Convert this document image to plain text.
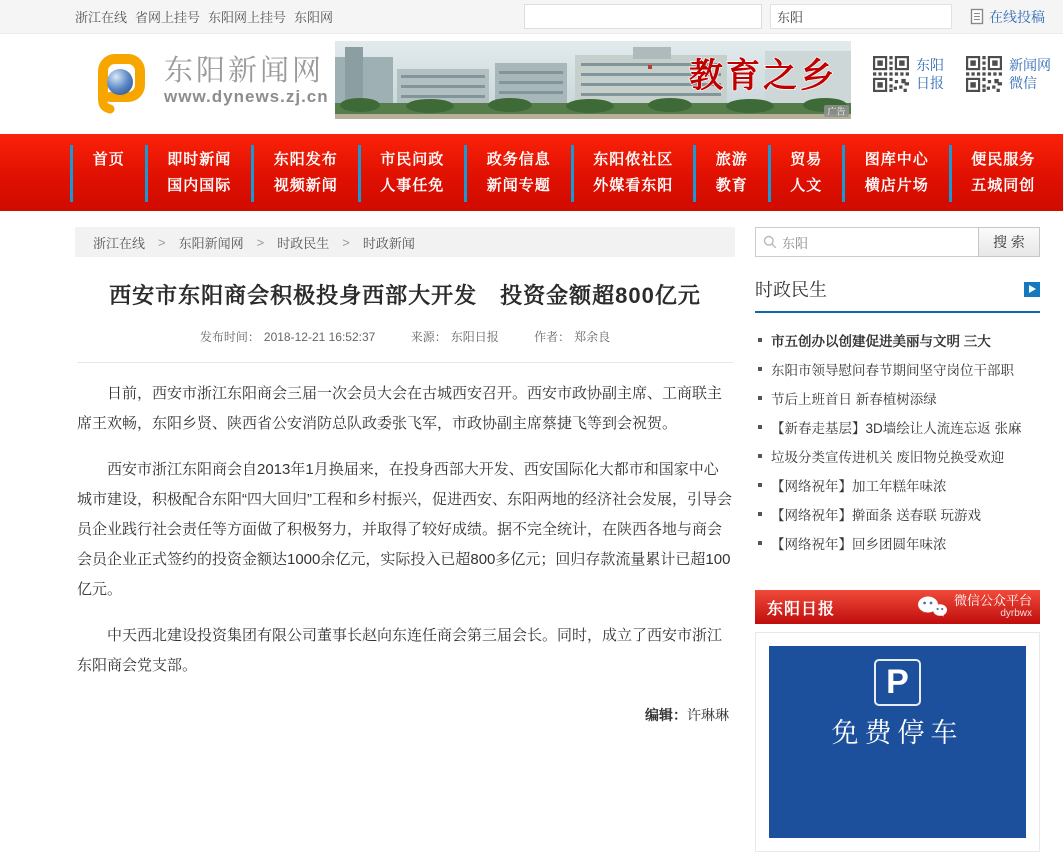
浙江在线 省网上挂号 东阳网上挂号 东阳网
东阳	在线投稿
东阳新闻网
www.dynews.zj.cn
教育之乡
广告
东阳
日报
新闻网
微信
首页	即时新闻
国内国际
东阳发布
视频新闻
市民问政
人事任免
政务信息
新闻专题
东阳侬社区
外媒看东阳
旅游
教育
贸易
人文
图库中心
横店片场
便民服务
五城同创
浙江在线 > 东阳新闻网 > 时政民生 > 时政新闻
西安市东阳商会积极投身西部大开发　投资金额超800亿元
发布时间： 2018-12-21 16:52:37	来源： 东阳日报	作者： 郑余良

日前，西安市浙江东阳商会三届一次会员大会在古城西安召开。西安市政协副主席、工商联主席王欢畅，东阳乡贤、陕西省公安消防总队政委张飞军，市政协副主席蔡捷飞等到会祝贺。

西安市浙江东阳商会自2013年1月换届来，在投身西部大开发、西安国际化大都市和国家中心城市建设，积极配合东阳“四大回归”工程和乡村振兴，促进西安、东阳两地的经济社会发展，引导会员企业践行社会责任等方面做了积极努力，并取得了较好成绩。据不完全统计，在陕西各地与商会会员企业正式签约的投资金额达1000余亿元，实际投入已超800多亿元；回归存款流量累计已超100亿元。

中天西北建设投资集团有限公司董事长赵向东连任商会第三届会长。同时，成立了西安市浙江东阳商会党支部。

编辑：许琳琳
东阳
搜 索
时政民生
市五创办以创建促进美丽与文明 三大
东阳市领导慰问春节期间坚守岗位干部职
节后上班首日 新春植树添绿
【新春走基层】3D墙绘让人流连忘返 张麻
垃圾分类宣传进机关 废旧物兑换受欢迎
【网络祝年】加工年糕年味浓
【网络祝年】擀面条 送春联 玩游戏
【网络祝年】回乡团圆年味浓
东阳日报	微信公众平台
dyrbwx
P
免费停车
